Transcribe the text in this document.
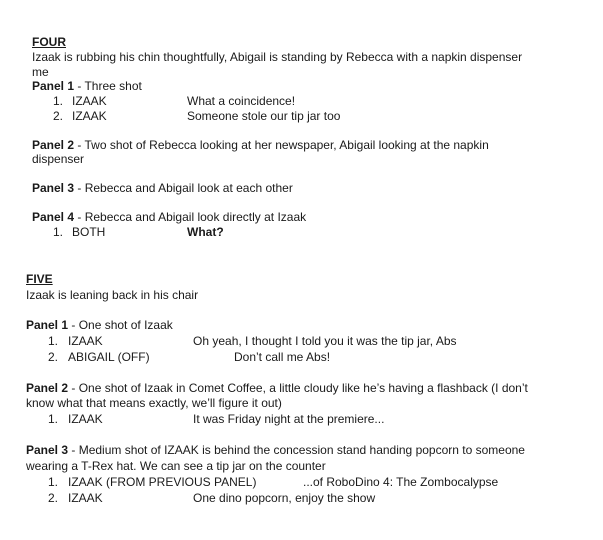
FOUR
Izaak is rubbing his chin thoughtfully, Abigail is standing by Rebecca with a napkin dispenser
me
Panel 1 - Three shot
1. IZAAK	What a coincidence!
2. IZAAK	Someone stole our tip jar too
Panel 2 - Two shot of Rebecca looking at her newspaper, Abigail looking at the napkin
dispenser
Panel 3 - Rebecca and Abigail look at each other
Panel 4 - Rebecca and Abigail look directly at Izaak
1. BOTH	What?
FIVE
Izaak is leaning back in his chair
Panel 1 - One shot of Izaak
1. IZAAK	Oh yeah, I thought I told you it was the tip jar, Abs
2. ABIGAIL (OFF)	Don’t call me Abs!
Panel 2 - One shot of Izaak in Comet Coffee, a little cloudy like he’s having a flashback (I don’t
know what that means exactly, we’ll figure it out)
1. IZAAK	It was Friday night at the premiere...
Panel 3 - Medium shot of IZAAK is behind the concession stand handing popcorn to someone
wearing a T-Rex hat. We can see a tip jar on the counter
1. IZAAK (FROM PREVIOUS PANEL)	...of RoboDino 4: The Zombocalypse
2. IZAAK	One dino popcorn, enjoy the show
